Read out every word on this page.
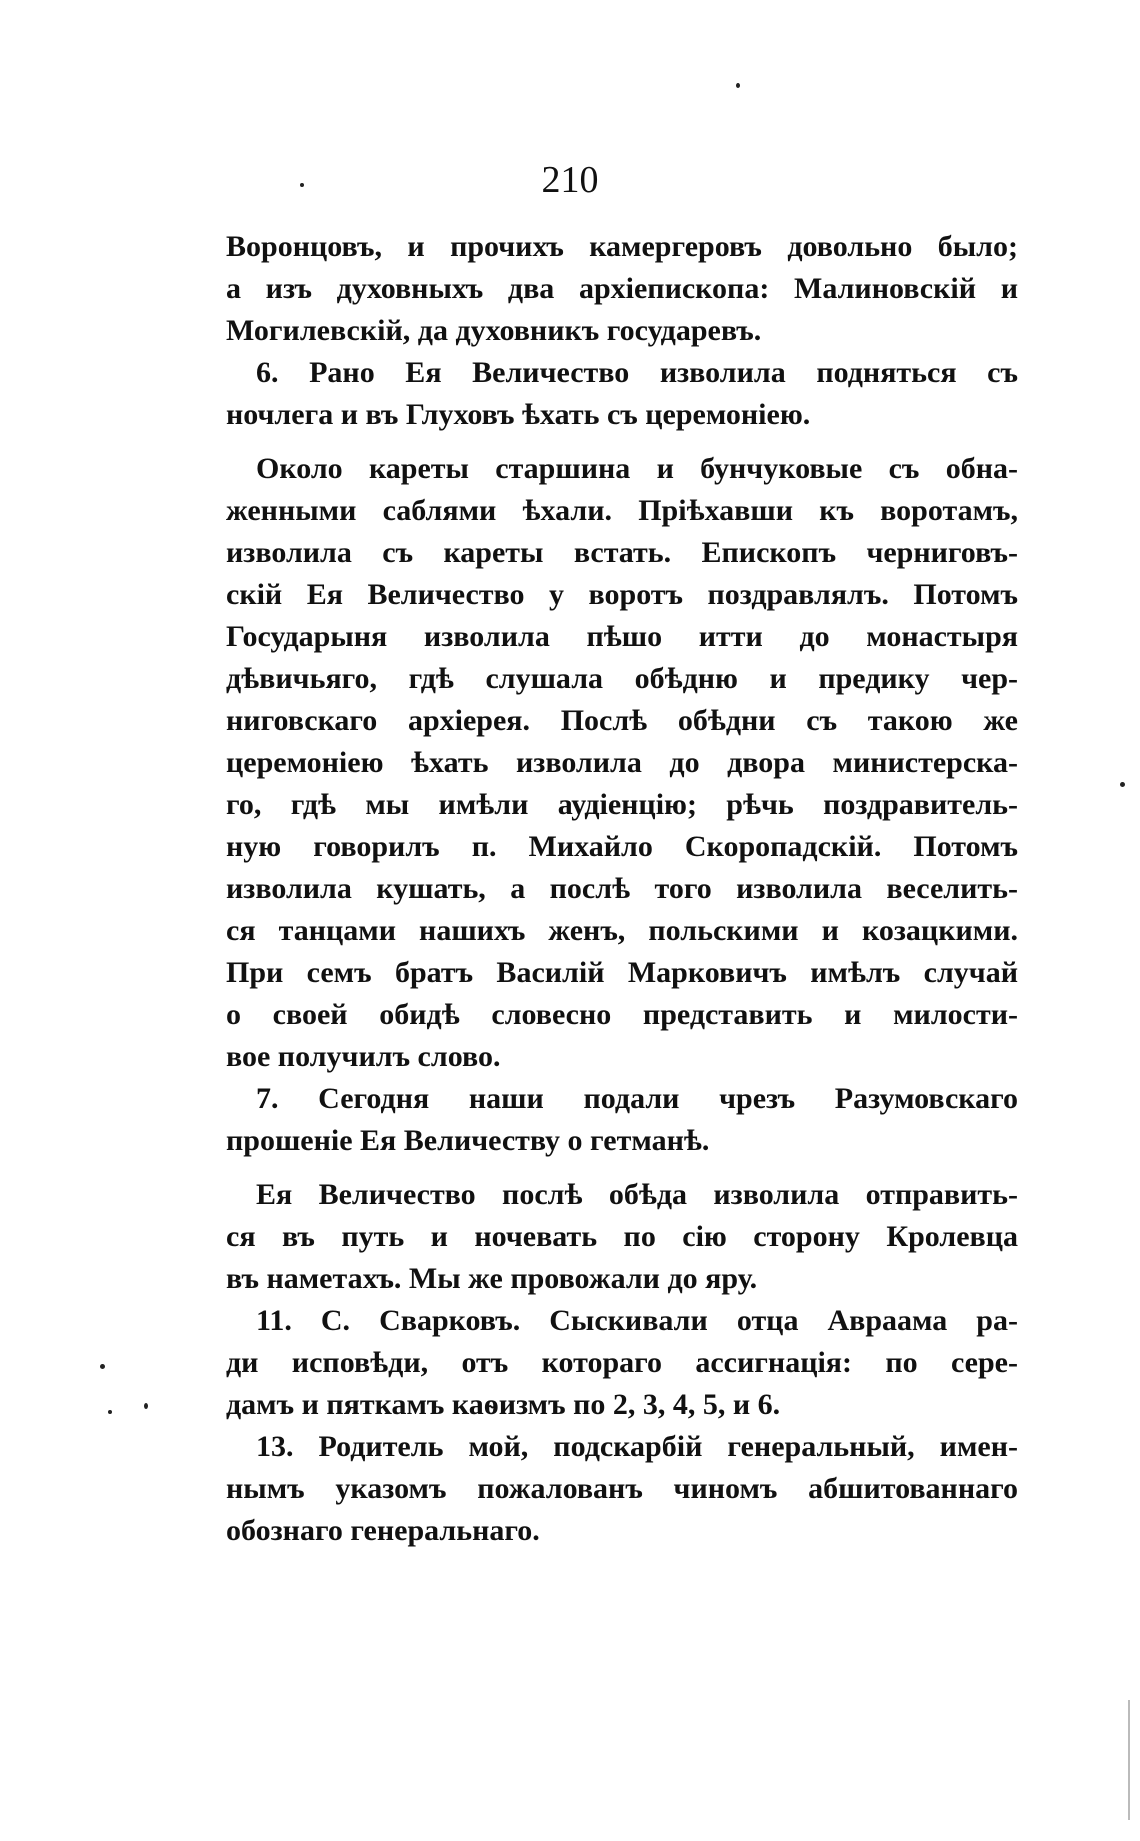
210
Воронцовъ, и прочихъ камергеровъ довольно было;
а изъ духовныхъ два архіепископа: Малиновскій и
Могилевскій, да духовникъ государевъ.
6. Рано Ея Величество изволила подняться съ
ночлега и въ Глуховъ ѣхать съ церемоніею.
Около кареты старшина и бунчуковые съ обна-
женными саблями ѣхали. Пріѣхавши къ воротамъ,
изволила съ кареты встать. Епископъ черниговъ-
скій Ея Величество у воротъ поздравлялъ. Потомъ
Государыня изволила пѣшо итти до монастыря
дѣвичьяго, гдѣ слушала обѣдню и предику чер-
ниговскаго архіерея. Послѣ обѣдни съ такою же
церемоніею ѣхать изволила до двора министерска-
го, гдѣ мы имѣли аудіенцію; рѣчь поздравитель-
ную говорилъ п. Михайло Скоропадскій. Потомъ
изволила кушать, а послѣ того изволила веселить-
ся танцами нашихъ женъ, польскими и козацкими.
При семъ братъ Василій Марковичъ имѣлъ случай
о своей обидѣ словесно представить и милости-
вое получилъ слово.
7. Сегодня наши подали чрезъ Разумовскаго
прошеніе Ея Величеству о гетманѣ.
Ея Величество послѣ обѣда изволила отправить-
ся въ путь и ночевать по сію сторону Кролевца
въ наметахъ. Мы же провожали до яру.
11. С. Сварковъ. Сыскивали отца Авраама ра-
ди исповѣди, отъ котораго ассигнація: по сере-
дамъ и пяткамъ каѳизмъ по 2, 3, 4, 5, и 6.
13. Родитель мой, подскарбій генеральный, имен-
нымъ указомъ пожалованъ чиномъ абшитованнаго
обознаго генеральнаго.
